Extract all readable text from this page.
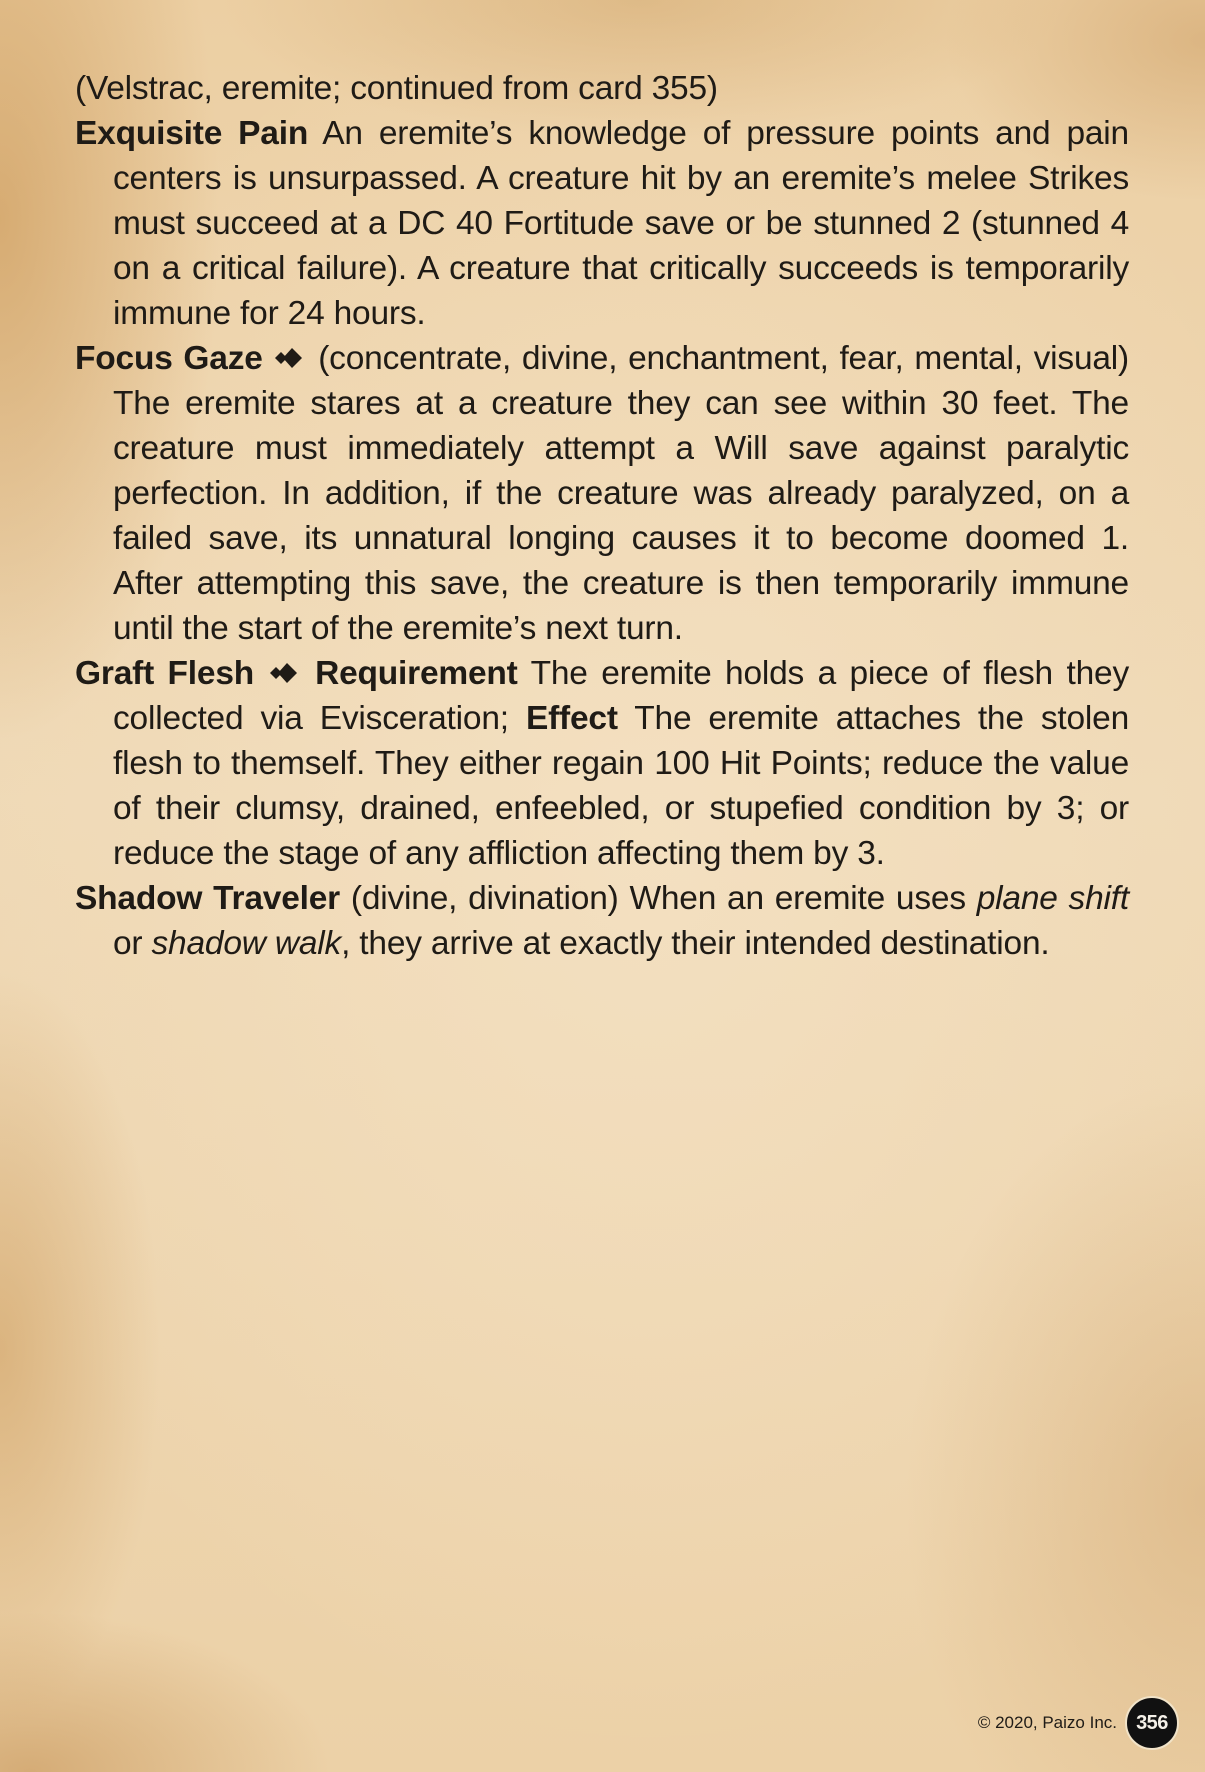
(Velstrac, eremite; continued from card 355)

Exquisite Pain An eremite’s knowledge of pressure points and pain centers is unsurpassed. A creature hit by an eremite’s melee Strikes must succeed at a DC 40 Fortitude save or be stunned 2 (stunned 4 on a critical failure). A creature that critically succeeds is temporarily immune for 24 hours.

Focus Gaze (concentrate, divine, enchantment, fear, mental, visual) The eremite stares at a creature they can see within 30 feet. The creature must immediately attempt a Will save against paralytic perfection. In addition, if the creature was already paralyzed, on a failed save, its unnatural longing causes it to become doomed 1. After attempting this save, the creature is then temporarily immune until the start of the eremite’s next turn.

Graft Flesh Requirement The eremite holds a piece of flesh they collected via Evisceration; Effect The eremite attaches the stolen flesh to themself. They either regain 100 Hit Points; reduce the value of their clumsy, drained, enfeebled, or stupefied condition by 3; or reduce the stage of any affliction affecting them by 3.

Shadow Traveler (divine, divination) When an eremite uses plane shift or shadow walk, they arrive at exactly their intended destination.

© 2020, Paizo Inc. 356
